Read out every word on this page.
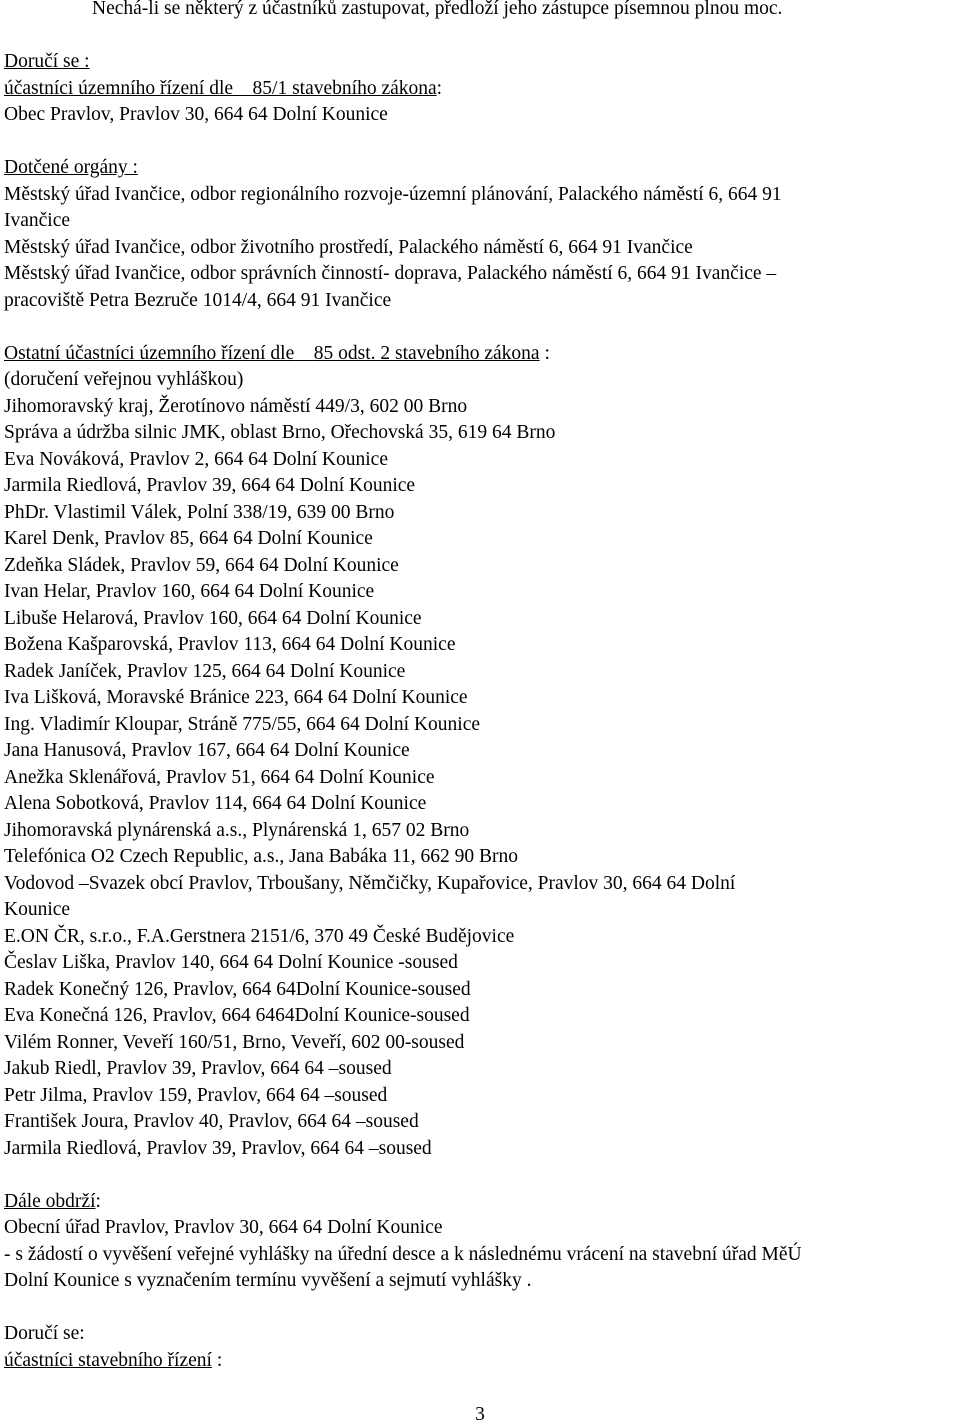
Nechá-li se některý z účastníků zastupovat, předloží jeho zástupce písemnou plnou moc.
Doručí se :
účastníci územního řízení dle 85/1 stavebního zákona:
Obec Pravlov, Pravlov 30, 664 64 Dolní Kounice
Dotčené orgány :
Městský úřad Ivančice, odbor regionálního rozvoje-územní plánování, Palackého náměstí 6, 664 91
Ivančice
Městský úřad Ivančice, odbor životního prostředí, Palackého náměstí 6, 664 91 Ivančice
Městský úřad Ivančice, odbor správních činností- doprava, Palackého náměstí 6, 664 91 Ivančice –
pracoviště Petra Bezruče 1014/4, 664 91 Ivančice
Ostatní účastníci územního řízení dle 85 odst. 2 stavebního zákona :
(doručení veřejnou vyhláškou)
Jihomoravský kraj, Žerotínovo náměstí 449/3, 602 00 Brno
Správa a údržba silnic JMK, oblast Brno, Ořechovská 35, 619 64 Brno
Eva Nováková, Pravlov 2, 664 64 Dolní Kounice
Jarmila Riedlová, Pravlov 39, 664 64 Dolní Kounice
PhDr. Vlastimil Válek, Polní 338/19, 639 00 Brno
Karel Denk, Pravlov 85, 664 64 Dolní Kounice
Zdeňka Sládek, Pravlov 59, 664 64 Dolní Kounice
Ivan Helar, Pravlov 160, 664 64 Dolní Kounice
Libuše Helarová, Pravlov 160, 664 64 Dolní Kounice
Božena Kašparovská, Pravlov 113, 664 64 Dolní Kounice
Radek Janíček, Pravlov 125, 664 64 Dolní Kounice
Iva Lišková, Moravské Bránice 223, 664 64 Dolní Kounice
Ing. Vladimír Kloupar, Stráně 775/55, 664 64 Dolní Kounice
Jana Hanusová, Pravlov 167, 664 64 Dolní Kounice
Anežka Sklenářová, Pravlov 51, 664 64 Dolní Kounice
Alena Sobotková, Pravlov 114, 664 64 Dolní Kounice
Jihomoravská plynárenská a.s., Plynárenská 1, 657 02 Brno
Telefónica O2 Czech Republic, a.s., Jana Babáka 11, 662 90 Brno
Vodovod –Svazek obcí Pravlov, Trboušany, Němčičky, Kupařovice, Pravlov 30, 664 64 Dolní
Kounice
E.ON ČR, s.r.o., F.A.Gerstnera 2151/6, 370 49 České Budějovice
Česlav Liška, Pravlov 140, 664 64 Dolní Kounice -soused
Radek Konečný 126, Pravlov, 664 64Dolní Kounice-soused
Eva Konečná 126, Pravlov, 664 6464Dolní Kounice-soused
Vilém Ronner, Veveří 160/51, Brno, Veveří, 602 00-soused
Jakub Riedl, Pravlov 39, Pravlov, 664 64 –soused
Petr Jilma, Pravlov 159, Pravlov, 664 64 –soused
František Joura, Pravlov 40, Pravlov, 664 64 –soused
Jarmila Riedlová, Pravlov 39, Pravlov, 664 64 –soused
Dále obdrží:
Obecní úřad Pravlov, Pravlov 30, 664 64 Dolní Kounice
- s žádostí o vyvěšení veřejné vyhlášky na úřední desce a k následnému vrácení na stavební úřad MěÚ
Dolní Kounice s vyznačením termínu vyvěšení a sejmutí vyhlášky .
Doručí se:
účastníci stavebního řízení :
3
